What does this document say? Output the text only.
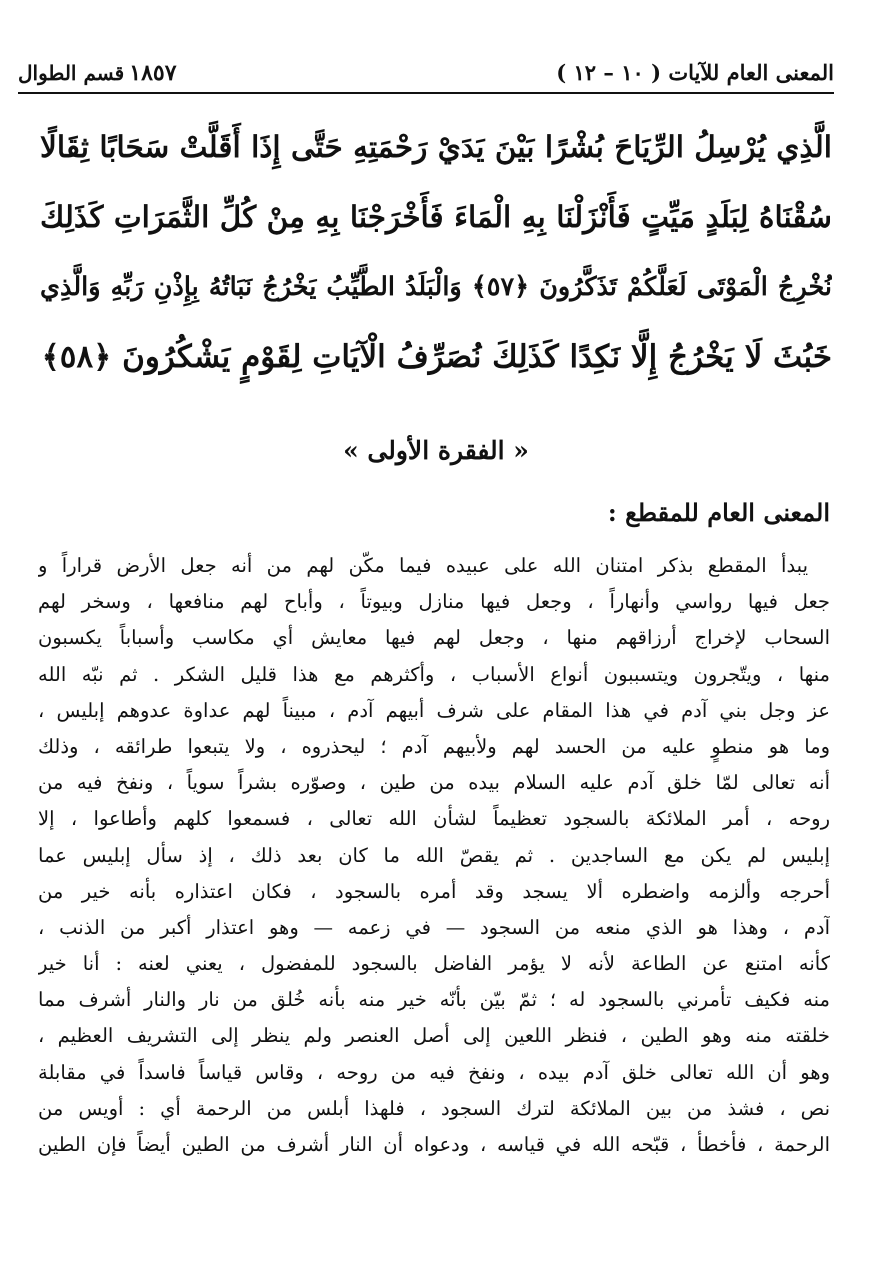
المعنى العام للآيات ( ١٠ – ١٢ )
١٨٥٧ قسم الطوال
الَّذِي يُرْسِلُ الرِّيَاحَ بُشْرًا بَيْنَ يَدَيْ رَحْمَتِهِ حَتَّى إِذَا أَقَلَّتْ سَحَابًا ثِقَالًا
سُقْنَاهُ لِبَلَدٍ مَيِّتٍ فَأَنْزَلْنَا بِهِ الْمَاءَ فَأَخْرَجْنَا بِهِ مِنْ كُلِّ الثَّمَرَاتِ كَذَلِكَ
نُخْرِجُ الْمَوْتَى لَعَلَّكُمْ تَذَكَّرُونَ ﴿٥٧﴾ وَالْبَلَدُ الطَّيِّبُ يَخْرُجُ نَبَاتُهُ بِإِذْنِ رَبِّهِ وَالَّذِي
خَبُثَ لَا يَخْرُجُ إِلَّا نَكِدًا كَذَلِكَ نُصَرِّفُ الْآيَاتِ لِقَوْمٍ يَشْكُرُونَ ﴿٥٨﴾
« الفقرة الأولى »
المعنى العام للمقطع :
يبدأ المقطع بذكر امتنان الله على عبيده فيما مكّن لهم من أنه جعل الأرض قراراً و
جعل فيها رواسي وأنهاراً ، وجعل فيها منازل وبيوتاً ، وأباح لهم منافعها ، وسخر لهم
السحاب لإخراج أرزاقهم منها ، وجعل لهم فيها معايش أي مكاسب وأسباباً يكسبون
منها ، ويتّجرون ويتسببون أنواع الأسباب ، وأكثرهم مع هذا قليل الشكر . ثم نبّه الله
عز وجل بني آدم في هذا المقام على شرف أبيهم آدم ، مبيناً لهم عداوة عدوهم إبليس ،
وما هو منطوٍ عليه من الحسد لهم ولأبيهم آدم ؛ ليحذروه ، ولا يتبعوا طرائقه ، وذلك
أنه تعالى لمّا خلق آدم عليه السلام بيده من طين ، وصوّره بشراً سوياً ، ونفخ فيه من
روحه ، أمر الملائكة بالسجود تعظيماً لشأن الله تعالى ، فسمعوا كلهم وأطاعوا ، إلا
إبليس لم يكن مع الساجدين . ثم يقصّ الله ما كان بعد ذلك ، إذ سأل إبليس عما
أحرجه وألزمه واضطره ألا يسجد وقد أمره بالسجود ، فكان اعتذاره بأنه خير من
آدم ، وهذا هو الذي منعه من السجود — في زعمه — وهو اعتذار أكبر من الذنب ،
كأنه امتنع عن الطاعة لأنه لا يؤمر الفاضل بالسجود للمفضول ، يعني لعنه : أنا خير
منه فكيف تأمرني بالسجود له ؛ ثمّ بيّن بأنّه خير منه بأنه خُلق من نار والنار أشرف مما
خلقته منه وهو الطين ، فنظر اللعين إلى أصل العنصر ولم ينظر إلى التشريف العظيم ،
وهو أن الله تعالى خلق آدم بيده ، ونفخ فيه من روحه ، وقاس قياساً فاسداً في مقابلة
نص ، فشذ من بين الملائكة لترك السجود ، فلهذا أبلس من الرحمة أي : أويس من
الرحمة ، فأخطأ ، قبّحه الله في قياسه ، ودعواه أن النار أشرف من الطين أيضاً فإن الطين
